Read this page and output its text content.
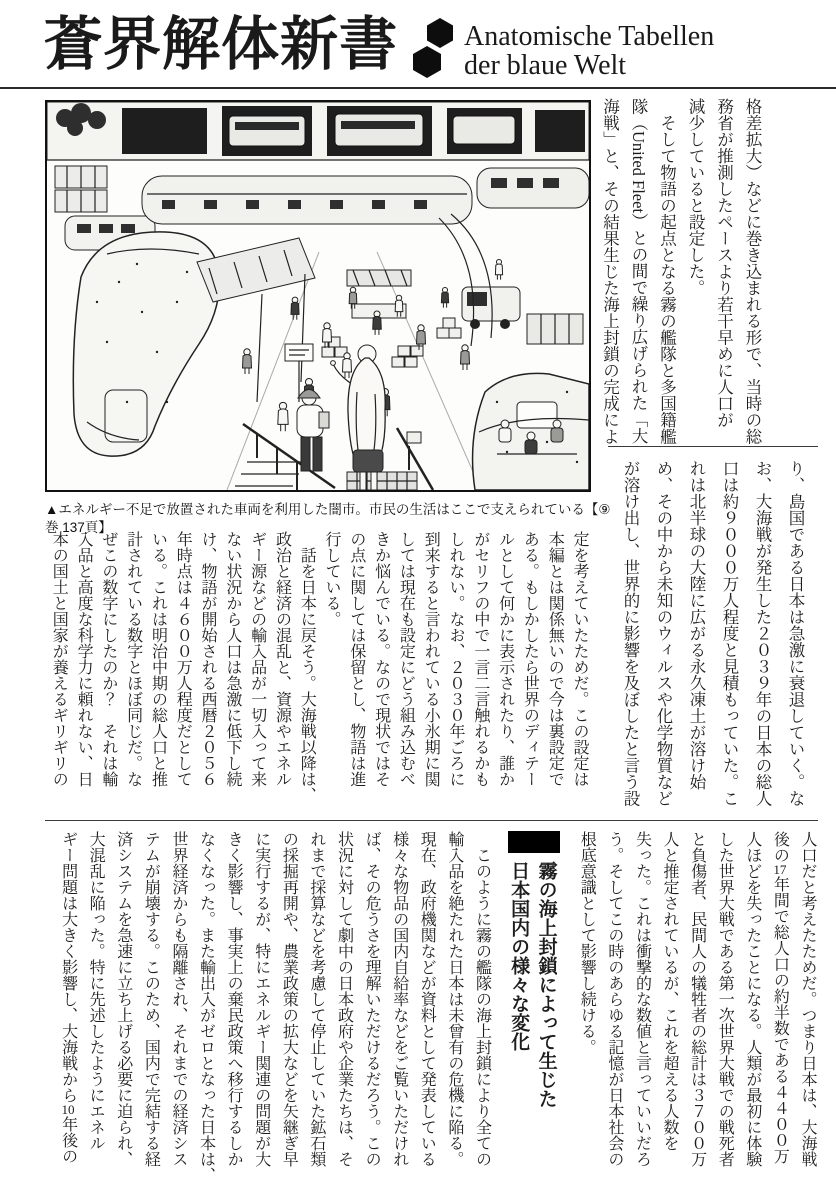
蒼界解体新書 Anatomische Tabellen
der blaue Welt
▲エネルギー不足で放置された車両を利用した闇市。市民の生活はここで支えられている【⑨巻 137頁】

格差拡大）などに巻き込まれる形で、当時の総

務省が推測したペースより若干早めに人口が

減少していると設定した。

　そして物語の起点となる霧の艦隊と多国籍艦

隊（United Fleet）との間で繰り広げられた「大

海戦」と、その結果生じた海上封鎖の完成によ

り、島国である日本は急激に衰退していく。な

お、大海戦が発生した２０３９年の日本の総人

口は約９０００万人程度と見積もっていた。こ

れは北半球の大陸に広がる永久凍土が溶け始

め、その中から未知のウィルスや化学物質など

が溶け出し、世界的に影響を及ぼしたと言う設

定を考えていたためだ。この設定は

本編とは関係無いので今は裏設定で

ある。もしかしたら世界のディテー

ルとして何かに表示されたり、誰か

がセリフの中で一言二言触れるかも

しれない。なお、２０３０年ごろに

到来すると言われている小氷期に関

しては現在も設定にどう組み込むべ

きか悩んでいる。なので現状ではそ

の点に関しては保留とし、物語は進

行している。

　話を日本に戻そう。大海戦以降は、

政治と経済の混乱と、資源やエネル

ギー源などの輸入品が一切入って来

ない状況から人口は急激に低下し続

け、物語が開始される西暦２０５６

年時点は４６００万人程度だとして

いる。これは明治中期の総人口と推

計されている数字とほぼ同じだ。な

ぜこの数字にしたのか？　それは輸

入品と高度な科学力に頼れない、日

本の国土と国家が養えるギリギリの

人口だと考えたためだ。つまり日本は、大海戦

後の17年間で総人口の約半数である４４００万

人ほどを失ったことになる。人類が最初に体験

した世界大戦である第一次世界大戦での戦死者

と負傷者、民間人の犠牲者の総計は３７００万

人と推定されているが、これを超える人数を

失った。これは衝撃的な数値と言っていいだろ

う。そしてこの時のあらゆる記憶が日本社会の

根底意識として影響し続ける。

霧の海上封鎖によって生じた

日本国内の様々な変化

　このように霧の艦隊の海上封鎖により全ての

輸入品を絶たれた日本は未曾有の危機に陥る。

現在、政府機関などが資料として発表している

様々な物品の国内自給率などをご覧いただけれ

ば、その危うさを理解いただけるだろう。この

状況に対して劇中の日本政府や企業たちは、そ

れまで採算などを考慮して停止していた鉱石類

の採掘再開や、農業政策の拡大などを矢継ぎ早

に実行するが、特にエネルギー関連の問題が大

きく影響し、事実上の棄民政策へ移行するしか

なくなった。また輸出入がゼロとなった日本は、

世界経済からも隔離され、それまでの経済シス

テムが崩壊する。このため、国内で完結する経

済システムを急速に立ち上げる必要に迫られ、

大混乱に陥った。特に先述したようにエネル

ギー問題は大きく影響し、大海戦から10年後の
